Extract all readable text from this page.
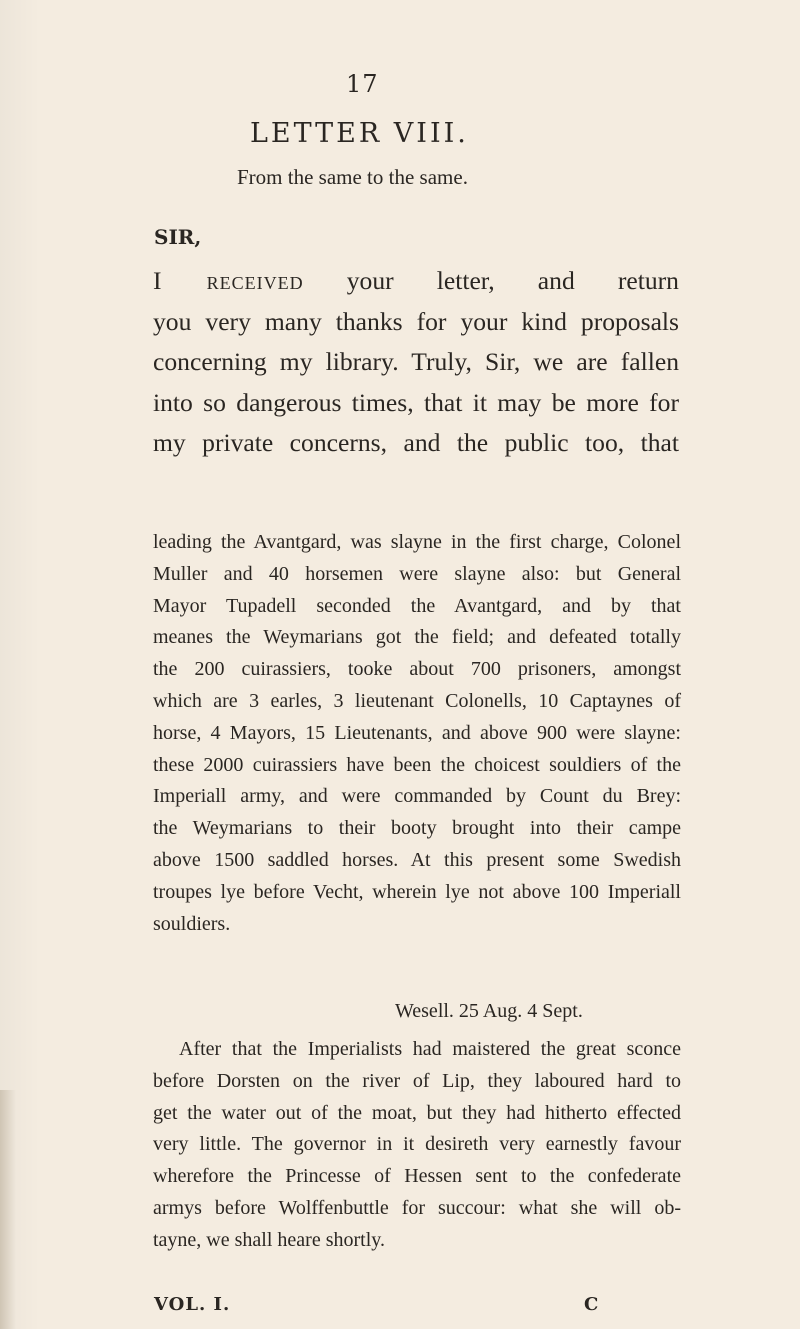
17
LETTER VIII.
From the same to the same.
SIR,
I received your letter, and return
you very many thanks for your kind proposals
concerning my library. Truly, Sir, we are fallen
into so dangerous times, that it may be more for
my private concerns, and the public too, that
leading the Avantgard, was slayne in the first charge, Colonel
Muller and 40 horsemen were slayne also: but General
Mayor Tupadell seconded the Avantgard, and by that
meanes the Weymarians got the field; and defeated totally
the 200 cuirassiers, tooke about 700 prisoners, amongst
which are 3 earles, 3 lieutenant Colonells, 10 Captaynes of
horse, 4 Mayors, 15 Lieutenants, and above 900 were slayne:
these 2000 cuirassiers have been the choicest souldiers of the
Imperiall army, and were commanded by Count du Brey:
the Weymarians to their booty brought into their campe
above 1500 saddled horses. At this present some Swedish
troupes lye before Vecht, wherein lye not above 100 Imperiall
souldiers.
Wesell. 25 Aug. 4 Sept.
After that the Imperialists had maistered the great sconce
before Dorsten on the river of Lip, they laboured hard to
get the water out of the moat, but they had hitherto effected
very little. The governor in it desireth very earnestly favour
wherefore the Princesse of Hessen sent to the confederate
armys before Wolffenbuttle for succour: what she will ob-
tayne, we shall heare shortly.
VOL. I.	C
